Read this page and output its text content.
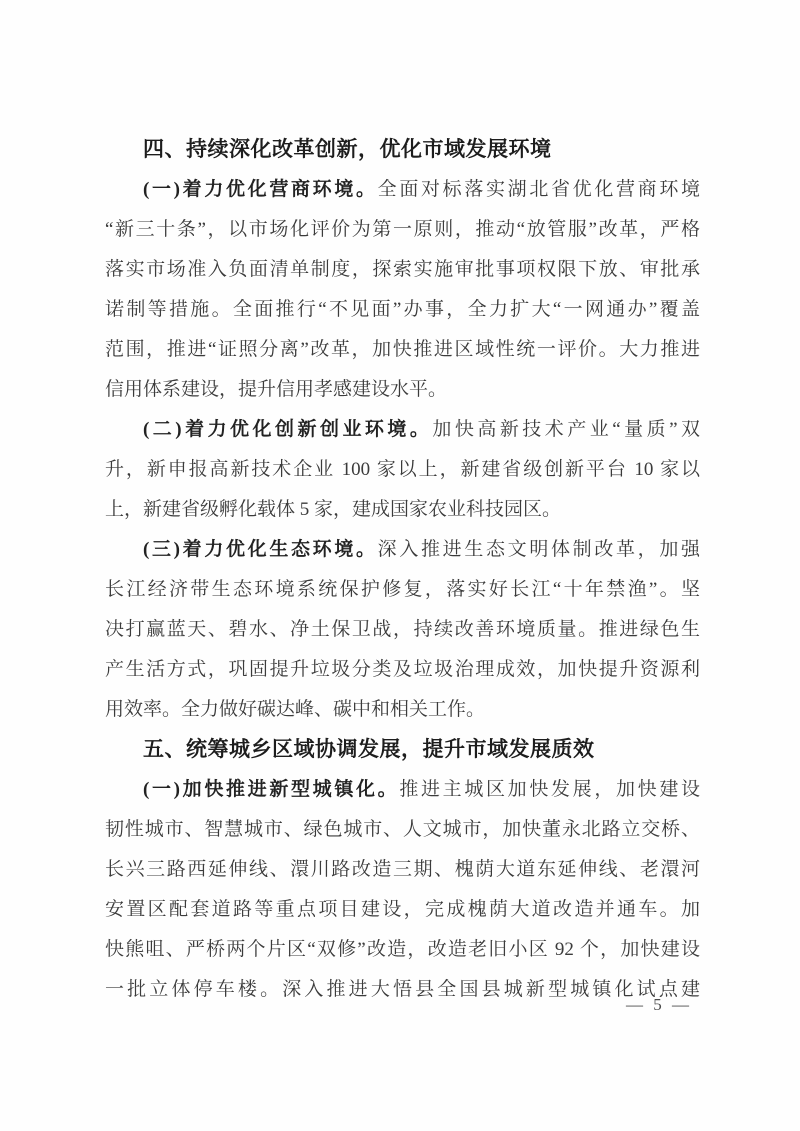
四、持续深化改革创新，优化市域发展环境
(一)着力优化营商环境。全面对标落实湖北省优化营商环境
“新三十条”，以市场化评价为第一原则，推动“放管服”改革，严格
落实市场准入负面清单制度，探索实施审批事项权限下放、审批承
诺制等措施。全面推行“不见面”办事，全力扩大“一网通办”覆盖
范围，推进“证照分离”改革，加快推进区域性统一评价。大力推进
信用体系建设，提升信用孝感建设水平。
(二)着力优化创新创业环境。加快高新技术产业“量质”双
升，新申报高新技术企业 100 家以上，新建省级创新平台 10 家以
上，新建省级孵化载体 5 家，建成国家农业科技园区。
(三)着力优化生态环境。深入推进生态文明体制改革，加强
长江经济带生态环境系统保护修复，落实好长江“十年禁渔”。坚
决打赢蓝天、碧水、净土保卫战，持续改善环境质量。推进绿色生
产生活方式，巩固提升垃圾分类及垃圾治理成效，加快提升资源利
用效率。全力做好碳达峰、碳中和相关工作。
五、统筹城乡区域协调发展，提升市域发展质效
(一)加快推进新型城镇化。推进主城区加快发展，加快建设
韧性城市、智慧城市、绿色城市、人文城市，加快董永北路立交桥、
长兴三路西延伸线、澴川路改造三期、槐荫大道东延伸线、老澴河
安置区配套道路等重点项目建设，完成槐荫大道改造并通车。加
快熊咀、严桥两个片区“双修”改造，改造老旧小区 92 个，加快建设
一批立体停车楼。深入推进大悟县全国县城新型城镇化试点建
— 5 —
